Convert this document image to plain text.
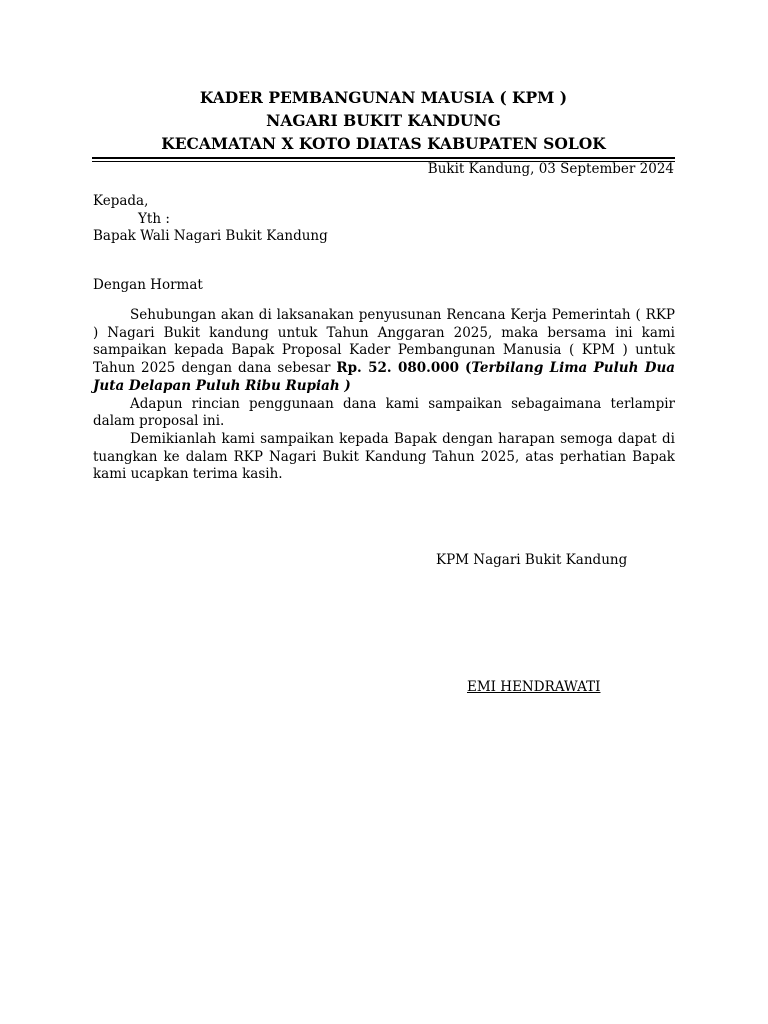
KADER PEMBANGUNAN MAUSIA ( KPM )
NAGARI BUKIT KANDUNG
KECAMATAN X KOTO DIATAS KABUPATEN SOLOK
Bukit Kandung, 03 September 2024
Kepada,
Yth :
Bapak Wali Nagari Bukit Kandung
Dengan Hormat

Sehubungan akan di laksanakan penyusunan Rencana Kerja Pemerintah ( RKP ) Nagari Bukit kandung untuk Tahun Anggaran 2025, maka bersama ini kami sampaikan kepada Bapak Proposal Kader Pembangunan Manusia ( KPM ) untuk Tahun 2025 dengan dana sebesar Rp. 52. 080.000 (Terbilang Lima Puluh Dua Juta Delapan Puluh Ribu Rupiah )

Adapun rincian penggunaan dana kami sampaikan sebagaimana terlampir dalam proposal ini.

Demikianlah kami sampaikan kepada Bapak dengan harapan semoga dapat di tuangkan ke dalam RKP Nagari Bukit Kandung Tahun 2025, atas perhatian Bapak kami ucapkan terima kasih.

KPM Nagari Bukit Kandung
EMI HENDRAWATI
